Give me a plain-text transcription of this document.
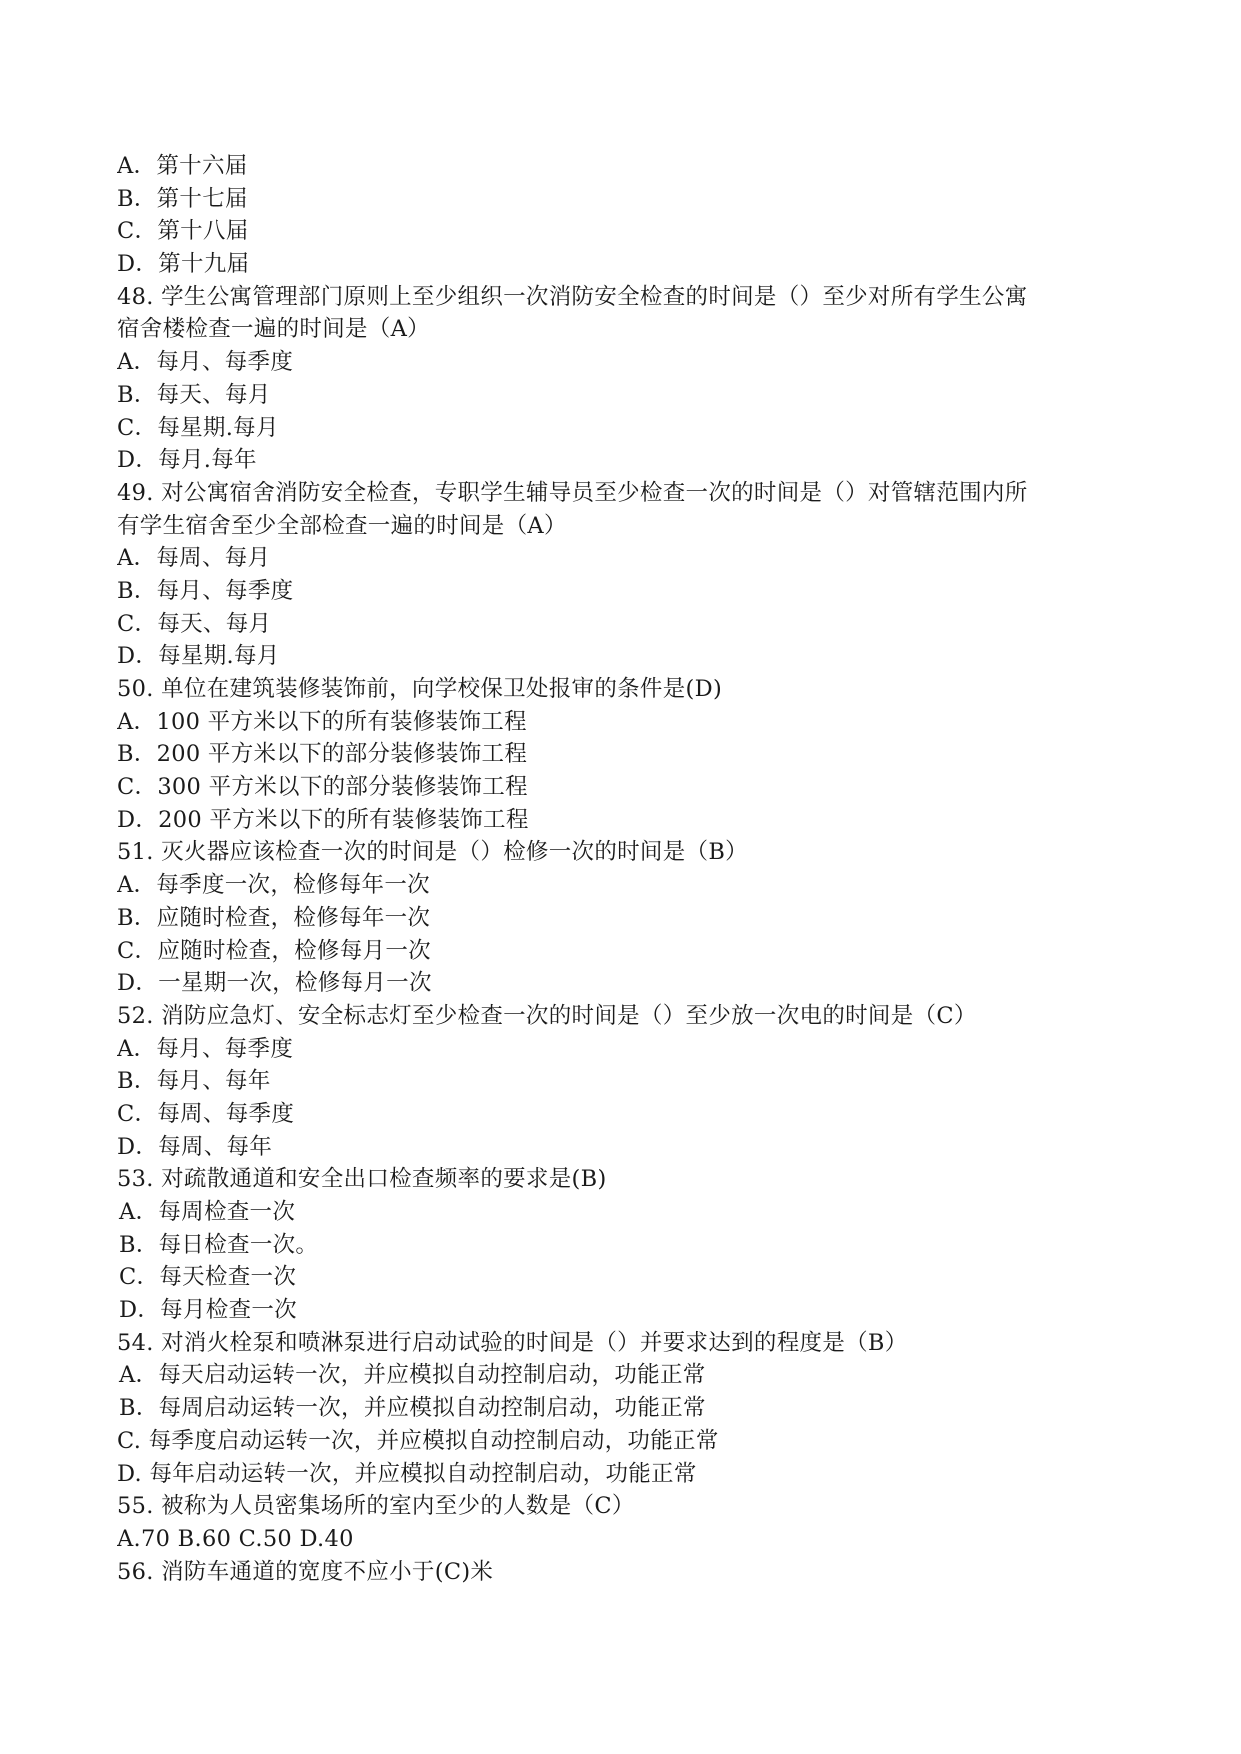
A．第十六届
B．第十七届
C．第十八届
D．第十九届
48. 学生公寓管理部门原则上至少组织一次消防安全检查的时间是（）至少对所有学生公寓
宿舍楼检查一遍的时间是（A）
A．每月、每季度
B．每天、每月
C．每星期.每月
D．每月.每年
49. 对公寓宿舍消防安全检查，专职学生辅导员至少检查一次的时间是（）对管辖范围内所
有学生宿舍至少全部检查一遍的时间是（A）
A．每周、每月
B．每月、每季度
C．每天、每月
D．每星期.每月
50. 单位在建筑装修装饰前，向学校保卫处报审的条件是(D)
A．100 平方米以下的所有装修装饰工程
B．200 平方米以下的部分装修装饰工程
C．300 平方米以下的部分装修装饰工程
D．200 平方米以下的所有装修装饰工程
51. 灭火器应该检查一次的时间是（）检修一次的时间是（B）
A．每季度一次，检修每年一次
B．应随时检查，检修每年一次
C．应随时检查，检修每月一次
D．一星期一次，检修每月一次
52. 消防应急灯、安全标志灯至少检查一次的时间是（）至少放一次电的时间是（C）
A．每月、每季度
B．每月、每年
C．每周、每季度
D．每周、每年
53. 对疏散通道和安全出口检查频率的要求是(B)
A．每周检查一次
B．每日检查一次。
C．每天检查一次
D．每月检查一次
54. 对消火栓泵和喷淋泵进行启动试验的时间是（）并要求达到的程度是（B）
A．每天启动运转一次，并应模拟自动控制启动，功能正常
B．每周启动运转一次，并应模拟自动控制启动，功能正常
C. 每季度启动运转一次，并应模拟自动控制启动，功能正常
D. 每年启动运转一次，并应模拟自动控制启动，功能正常
55. 被称为人员密集场所的室内至少的人数是（C）
A.70 B.60 C.50 D.40
56. 消防车通道的宽度不应小于(C)米
